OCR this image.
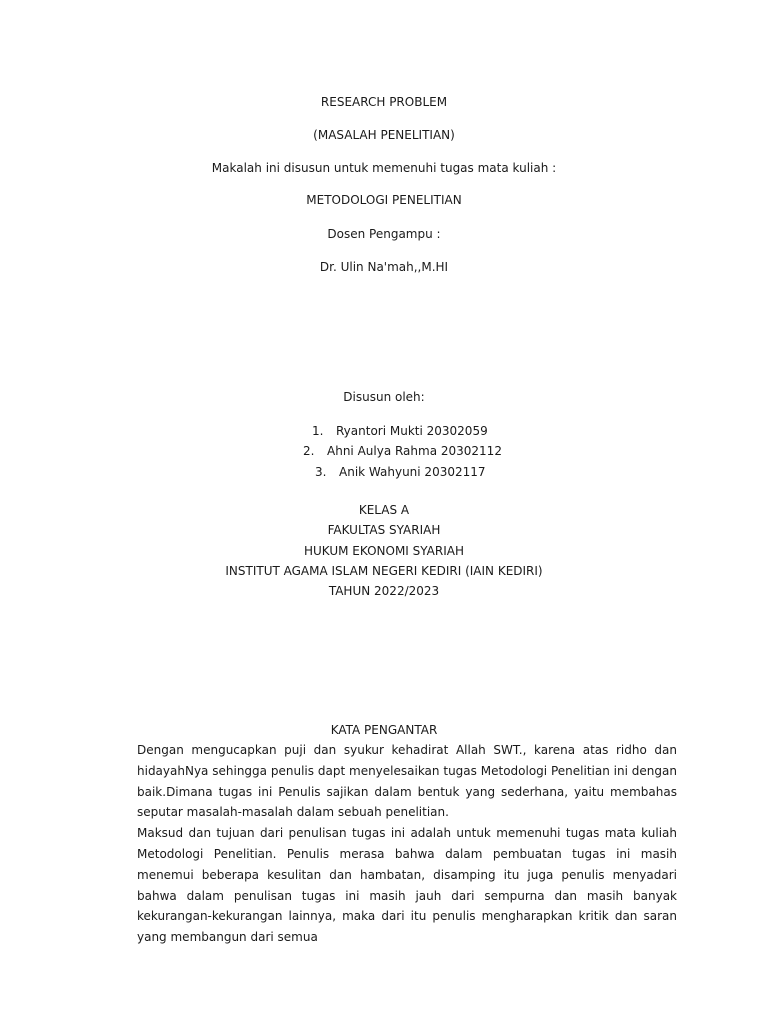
RESEARCH PROBLEM
(MASALAH PENELITIAN)
Makalah ini disusun untuk memenuhi tugas mata kuliah :
METODOLOGI PENELITIAN
Dosen Pengampu :
Dr. Ulin Na'mah,,M.HI
Disusun oleh:
1. Ryantori Mukti 20302059
2. Ahni Aulya Rahma 20302112
3. Anik Wahyuni 20302117
KELAS A
FAKULTAS SYARIAH
HUKUM EKONOMI SYARIAH
INSTITUT AGAMA ISLAM NEGERI KEDIRI (IAIN KEDIRI)
TAHUN 2022/2023
KATA PENGANTAR

Dengan mengucapkan puji dan syukur kehadirat Allah SWT., karena atas ridho dan hidayahNya sehingga penulis dapt menyelesaikan tugas Metodologi Penelitian ini dengan baik.Dimana tugas ini Penulis sajikan dalam bentuk yang sederhana, yaitu membahas seputar masalah-masalah dalam sebuah penelitian.

Maksud dan tujuan dari penulisan tugas ini adalah untuk memenuhi tugas mata kuliah Metodologi Penelitian. Penulis merasa bahwa dalam pembuatan tugas ini masih menemui beberapa kesulitan dan hambatan, disamping itu juga penulis menyadari bahwa dalam penulisan tugas ini masih jauh dari sempurna dan masih banyak kekurangan-kekurangan lainnya, maka dari itu penulis mengharapkan kritik dan saran yang membangun dari semua
